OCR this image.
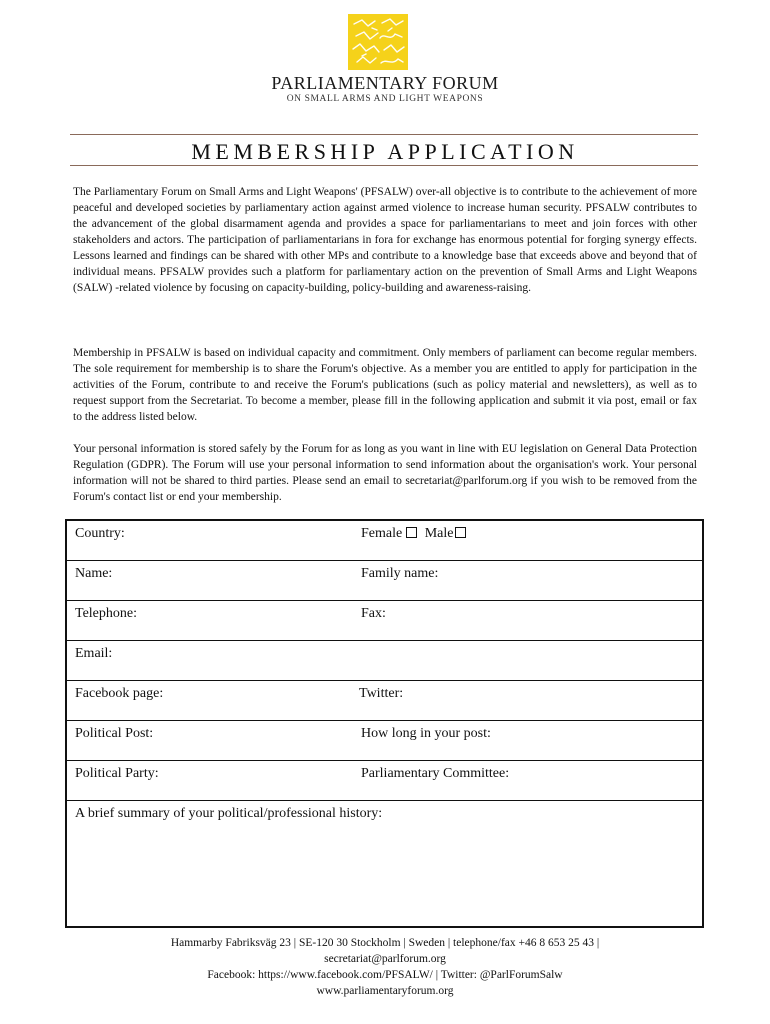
PARLIAMENTARY FORUM
ON SMALL ARMS AND LIGHT WEAPONS
MEMBERSHIP APPLICATION

The Parliamentary Forum on Small Arms and Light Weapons' (PFSALW) over-all objective is to contribute to the achievement of more peaceful and developed societies by parliamentary action against armed violence to increase human security. PFSALW contributes to the advancement of the global disarmament agenda and provides a space for parliamentarians to meet and join forces with other stakeholders and actors. The participation of parliamentarians in fora for exchange has enormous potential for forging synergy effects. Lessons learned and findings can be shared with other MPs and contribute to a knowledge base that exceeds above and beyond that of individual means. PFSALW provides such a platform for parliamentary action on the prevention of Small Arms and Light Weapons (SALW) -related violence by focusing on capacity-building, policy-building and awareness-raising.

Membership in PFSALW is based on individual capacity and commitment. Only members of parliament can become regular members. The sole requirement for membership is to share the Forum's objective. As a member you are entitled to apply for participation in the activities of the Forum, contribute to and receive the Forum's publications (such as policy material and newsletters), as well as to request support from the Secretariat. To become a member, please fill in the following application and submit it via post, email or fax to the address listed below.

Your personal information is stored safely by the Forum for as long as you want in line with EU legislation on General Data Protection Regulation (GDPR). The Forum will use your personal information to send information about the organisation's work. Your personal information will not be shared to third parties. Please send an email to secretariat@parlforum.org if you wish to be removed from the Forum's contact list or end your membership.

Country:	Female Male
Name:	Family name:
Telephone:	Fax:
Email:
Facebook page:	Twitter:
Political Post:	How long in your post:
Political Party:	Parliamentary Committee:
A brief summary of your political/professional history:
Hammarby Fabriksväg 23 | SE-120 30 Stockholm | Sweden | telephone/fax +46 8 653 25 43 |
secretariat@parlforum.org
Facebook: https://www.facebook.com/PFSALW/ | Twitter: @ParlForumSalw
www.parliamentaryforum.org
